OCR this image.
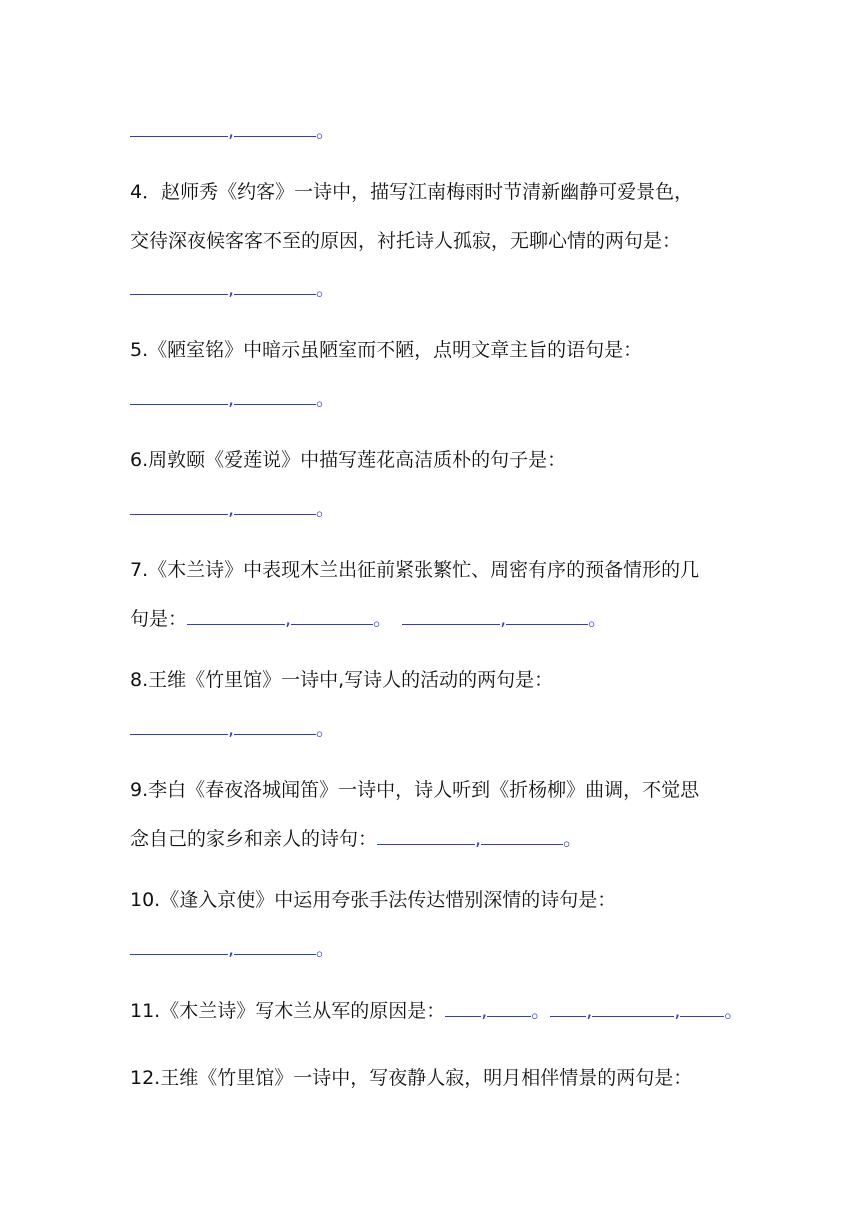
,	。
4．赵师秀《约客》一诗中，描写江南梅雨时节清新幽静可爱景色，
交待深夜候客客不至的原因，衬托诗人孤寂，无聊心情的两句是：
,	。
5.《陋室铭》中暗示虽陋室而不陋，点明文章主旨的语句是：
,	。
6.周敦颐《爱莲说》中描写莲花高洁质朴的句子是：
,	。
7.《木兰诗》中表现木兰出征前紧张繁忙、周密有序的预备情形的几
句是：	,	。	,	。
8.王维《竹里馆》一诗中,写诗人的活动的两句是：
,	。
9.李白《春夜洛城闻笛》一诗中，诗人听到《折杨柳》曲调，不觉思
念自己的家乡和亲人的诗句：	,	。
10.《逢入京使》中运用夸张手法传达惜别深情的诗句是：
,	。
11.《木兰诗》写木兰从军的原因是： , 。 ,	, 。
12.王维《竹里馆》一诗中，写夜静人寂，明月相伴情景的两句是：
